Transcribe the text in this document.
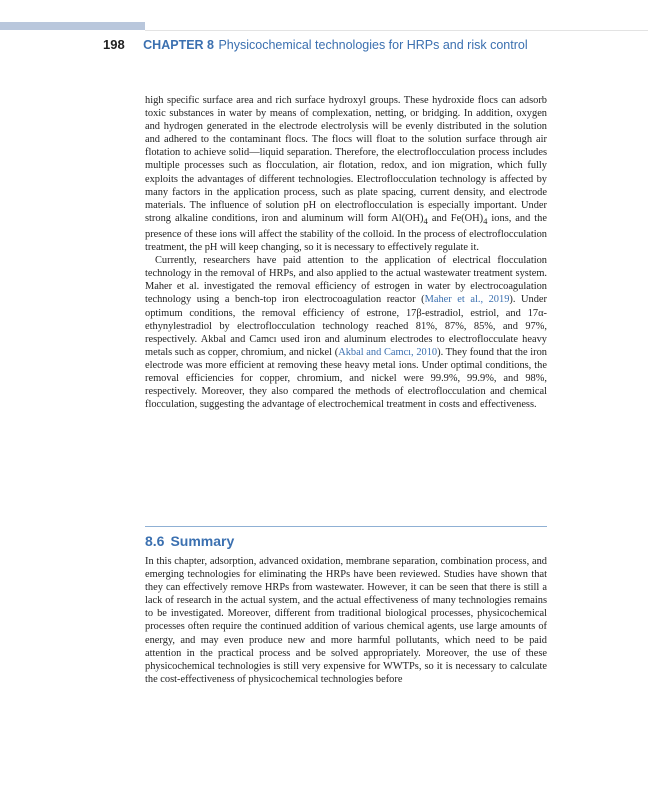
198 CHAPTER 8 Physicochemical technologies for HRPs and risk control

high specific surface area and rich surface hydroxyl groups. These hydroxide flocs can adsorb toxic substances in water by means of complexation, netting, or bridging. In addition, oxygen and hydrogen generated in the electrode electrolysis will be evenly distributed in the solution and adhered to the contaminant flocs. The flocs will float to the solution surface through air flotation to achieve solid—liquid separation. Therefore, the electroflocculation process includes multiple processes such as flocculation, air flotation, redox, and ion migration, which fully exploits the advantages of different technologies. Electroflocculation technology is affected by many factors in the application process, such as plate spacing, current density, and electrode materials. The influence of solution pH on electroflocculation is especially important. Under strong alkaline conditions, iron and aluminum will form $Al(OH)_4$ and $Fe(OH)_4$ ions, and the presence of these ions will affect the stability of the colloid. In the process of electroflocculation treatment, the pH will keep changing, so it is necessary to effectively regulate it.

Currently, researchers have paid attention to the application of electrical flocculation technology in the removal of HRPs, and also applied to the actual wastewater treatment system. Maher et al. investigated the removal efficiency of estrogen in water by electrocoagulation technology using a bench-top iron electrocoagulation reactor (Maher et al., 2019). Under optimum conditions, the removal efficiency of estrone, 17β-estradiol, estriol, and 17α-ethynylestradiol by electroflocculation technology reached 81%, 87%, 85%, and 97%, respectively. Akbal and Camcı used iron and aluminum electrodes to electroflocculate heavy metals such as copper, chromium, and nickel (Akbal and Camcı, 2010). They found that the iron electrode was more efficient at removing these heavy metal ions. Under optimal conditions, the removal efficiencies for copper, chromium, and nickel were 99.9%, 99.9%, and 98%, respectively. Moreover, they also compared the methods of electroflocculation and chemical flocculation, suggesting the advantage of electrochemical treatment in costs and effectiveness.

8.6 Summary

In this chapter, adsorption, advanced oxidation, membrane separation, combination process, and emerging technologies for eliminating the HRPs have been reviewed. Studies have shown that they can effectively remove HRPs from wastewater. However, it can be seen that there is still a lack of research in the actual system, and the actual effectiveness of many technologies remains to be investigated. Moreover, different from traditional biological processes, physicochemical processes often require the continued addition of various chemical agents, use large amounts of energy, and may even produce new and more harmful pollutants, which need to be paid attention in the practical process and be solved appropriately. Moreover, the use of these physicochemical technologies is still very expensive for WWTPs, so it is necessary to calculate the cost-effectiveness of physicochemical technologies before
